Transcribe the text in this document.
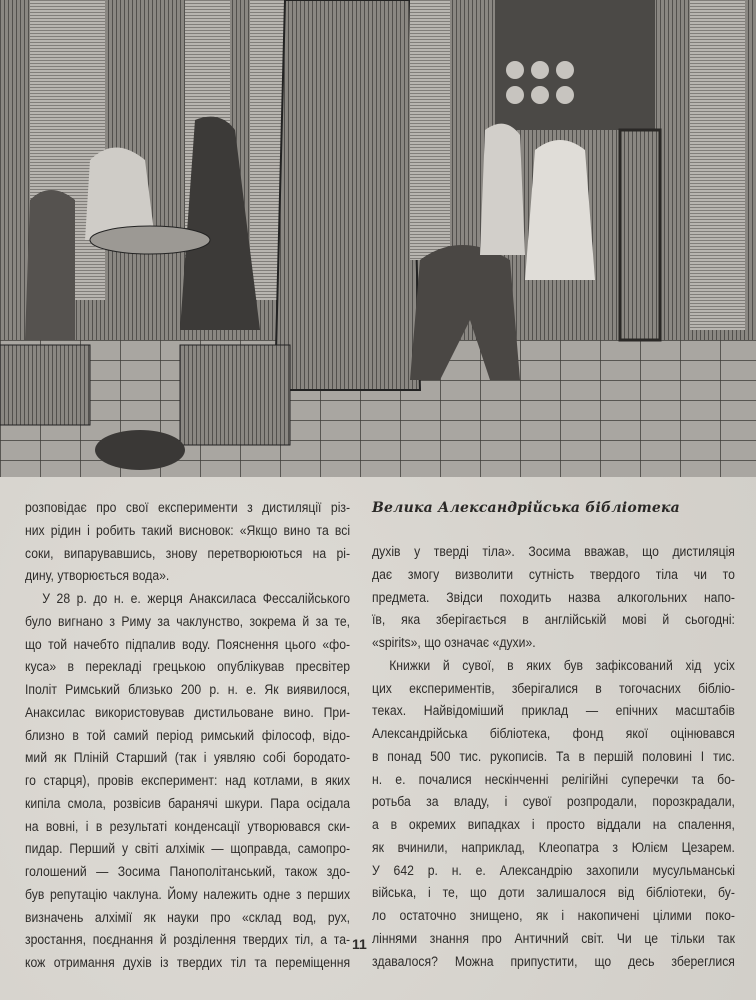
розповідає про свої експерименти з дистиляції різ-
них рідин і робить такий висновок: «Якщо вино та всі
соки, випарувавшись, знову перетворюються на рі-
дину, утворюється вода».
У 28 р. до н. е. жерця Анаксиласа Фессалійського
було вигнано з Риму за чаклунство, зокрема й за те,
що той начебто підпалив воду. Пояснення цього «фо-
куса» в перекладі грецькою опублікував пресвітер
Іполіт Римський близько 200 р. н. е. Як виявилося,
Анаксилас використовував дистильоване вино. При-
близно в той самий період римський філософ, відо-
мий як Пліній Старший (так і уявляю собі бородато-
го старця), провів експеримент: над котлами, в яких
кипіла смола, розвісив баранячі шкури. Пара осідала
на вовні, і в результаті конденсації утворювався ски-
пидар. Перший у світі алхімік — щоправда, самопро-
голошений — Зосима Панополітанський, також здо-
був репутацію чаклуна. Йому належить одне з перших
визначень алхімії як науки про «склад вод, рух,
зростання, поєднання й розділення твердих тіл, а та-
кож отримання духів із твердих тіл та переміщення
Велика Александрійська бібліотека
духів у тверді тіла». Зосима вважав, що дистиляція
дає змогу визволити сутність твердого тіла чи то
предмета. Звідси походить назва алкогольних напо-
їв, яка зберігається в англійській мові й сьогодні:
«spirits», що означає «духи».
Книжки й сувої, в яких був зафіксований хід усіх
цих експериментів, зберігалися в тогочасних бібліо-
теках. Найвідоміший приклад — епічних масштабів
Александрійська бібліотека, фонд якої оцінювався
в понад 500 тис. рукописів. Та в першій половині І тис.
н. е. почалися нескінченні релігійні суперечки та бо-
ротьба за владу, і сувої розпродали, порозкрадали,
а в окремих випадках і просто віддали на спалення,
як вчинили, наприклад, Клеопатра з Юлієм Цезарем.
У 642 р. н. е. Александрію захопили мусульманські
війська, і те, що доти залишалося від бібліотеки, бу-
ло остаточно знищено, як і накопичені цілими поко-
ліннями знання про Античний світ. Чи це тільки так
здавалося? Можна припустити, що десь збереглися
11
